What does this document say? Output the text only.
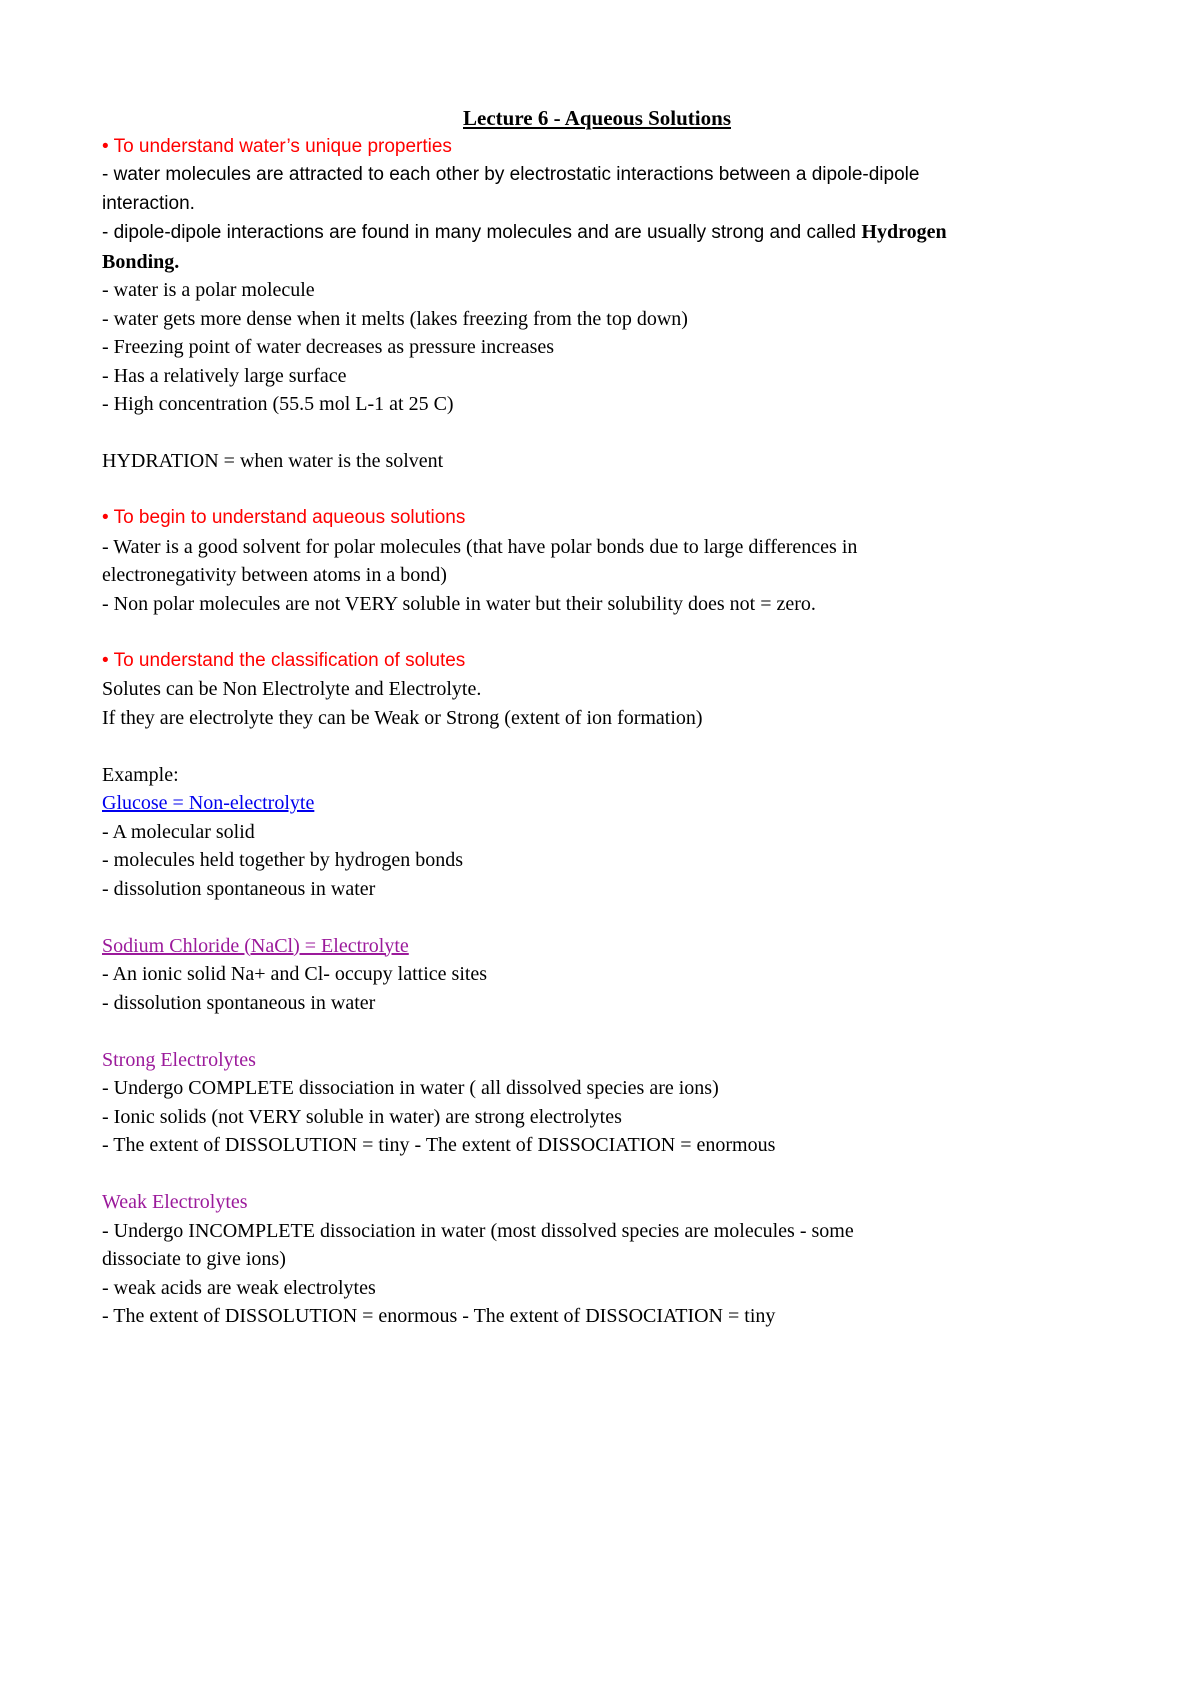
Lecture 6 - Aqueous Solutions

• To understand water’s unique properties

- water molecules are attracted to each other by electrostatic interactions between a dipole-dipole

interaction.

- dipole-dipole interactions are found in many molecules and are usually strong and called Hydrogen

Bonding.

- water is a polar molecule

- water gets more dense when it melts (lakes freezing from the top down)

- Freezing point of water decreases as pressure increases

- Has a relatively large surface

- High concentration (55.5 mol L-1 at 25 C)

HYDRATION = when water is the solvent

• To begin to understand aqueous solutions

- Water is a good solvent for polar molecules (that have polar bonds due to large differences in

electronegativity between atoms in a bond)

- Non polar molecules are not VERY soluble in water but their solubility does not = zero.

• To understand the classification of solutes

Solutes can be Non Electrolyte and Electrolyte.

If they are electrolyte they can be Weak or Strong (extent of ion formation)

Example:

Glucose = Non-electrolyte

- A molecular solid

- molecules held together by hydrogen bonds

- dissolution spontaneous in water

Sodium Chloride (NaCl) = Electrolyte

- An ionic solid Na+ and Cl- occupy lattice sites

- dissolution spontaneous in water

Strong Electrolytes

- Undergo COMPLETE dissociation in water ( all dissolved species are ions)

- Ionic solids (not VERY soluble in water) are strong electrolytes

- The extent of DISSOLUTION = tiny - The extent of DISSOCIATION = enormous

Weak Electrolytes

- Undergo INCOMPLETE dissociation in water (most dissolved species are molecules - some

dissociate to give ions)

- weak acids are weak electrolytes

- The extent of DISSOLUTION = enormous - The extent of DISSOCIATION = tiny
